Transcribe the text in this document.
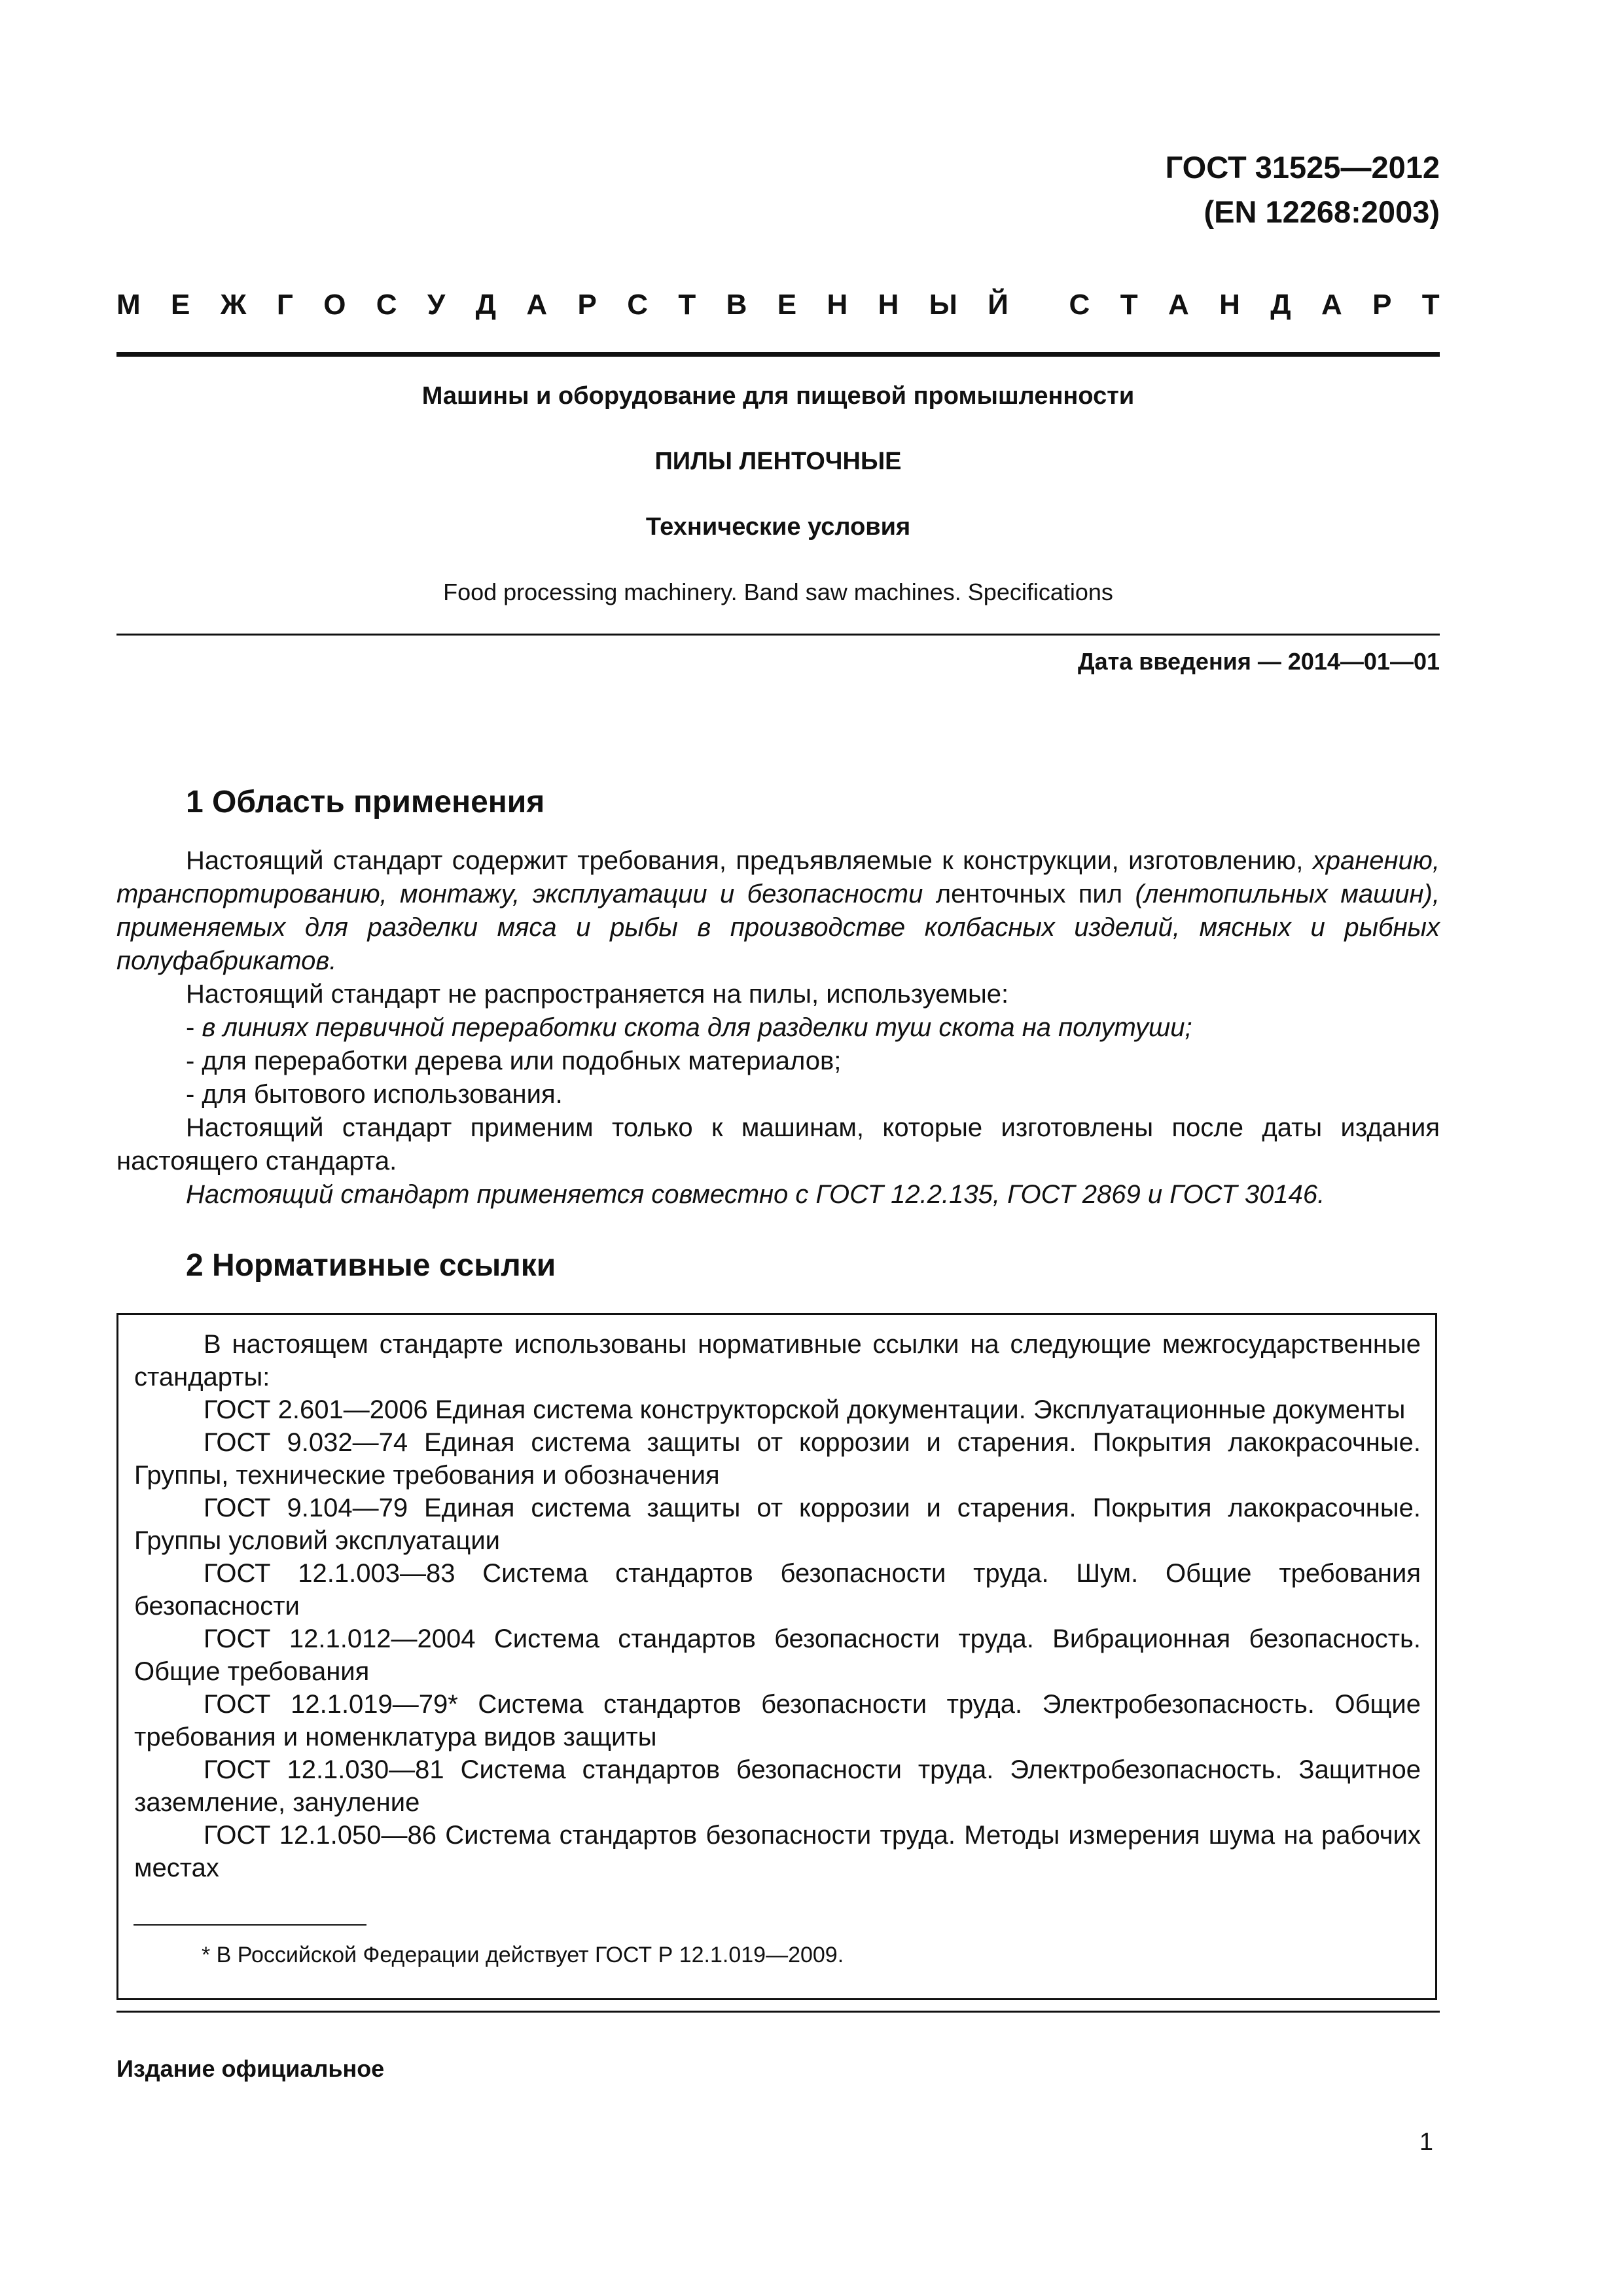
ГОСТ 31525—2012
(EN 12268:2003)
М Е Ж Г О С У Д А Р С Т В Е Н Н Ы Й С Т А Н Д А Р Т
Машины и оборудование для пищевой промышленности
ПИЛЫ ЛЕНТОЧНЫЕ
Технические условия
Food processing machinery. Band saw machines. Specifications
Дата введения — 2014—01—01
1 Область применения

Настоящий стандарт содержит требования, предъявляемые к конструкции, изготовлению, хранению, транспортированию, монтажу, эксплуатации и безопасности ленточных пил (лентопильных машин), применяемых для разделки мяса и рыбы в производстве колбасных изделий, мясных и рыбных полуфабрикатов.

Настоящий стандарт не распространяется на пилы, используемые:

- в линиях первичной переработки скота для разделки туш скота на полутуши;

- для переработки дерева или подобных материалов;

- для бытового использования.

Настоящий стандарт применим только к машинам, которые изготовлены после даты издания настоящего стандарта.

Настоящий стандарт применяется совместно с ГОСТ 12.2.135, ГОСТ 2869 и ГОСТ 30146.

2 Нормативные ссылки

В настоящем стандарте использованы нормативные ссылки на следующие межгосударственные стандарты:

ГОСТ 2.601—2006 Единая система конструкторской документации. Эксплуатационные документы

ГОСТ 9.032—74 Единая система защиты от коррозии и старения. Покрытия лакокрасочные. Группы, технические требования и обозначения

ГОСТ 9.104—79 Единая система защиты от коррозии и старения. Покрытия лакокрасочные. Группы условий эксплуатации

ГОСТ 12.1.003—83 Система стандартов безопасности труда. Шум. Общие требования безопасности

ГОСТ 12.1.012—2004 Система стандартов безопасности труда. Вибрационная безопасность. Общие требования

ГОСТ 12.1.019—79* Система стандартов безопасности труда. Электробезопасность. Общие требования и номенклатура видов защиты

ГОСТ 12.1.030—81 Система стандартов безопасности труда. Электробезопасность. Защитное заземление, зануление

ГОСТ 12.1.050—86 Система стандартов безопасности труда. Методы измерения шума на рабочих местах

* В Российской Федерации действует ГОСТ Р 12.1.019—2009.
Издание официальное
1
